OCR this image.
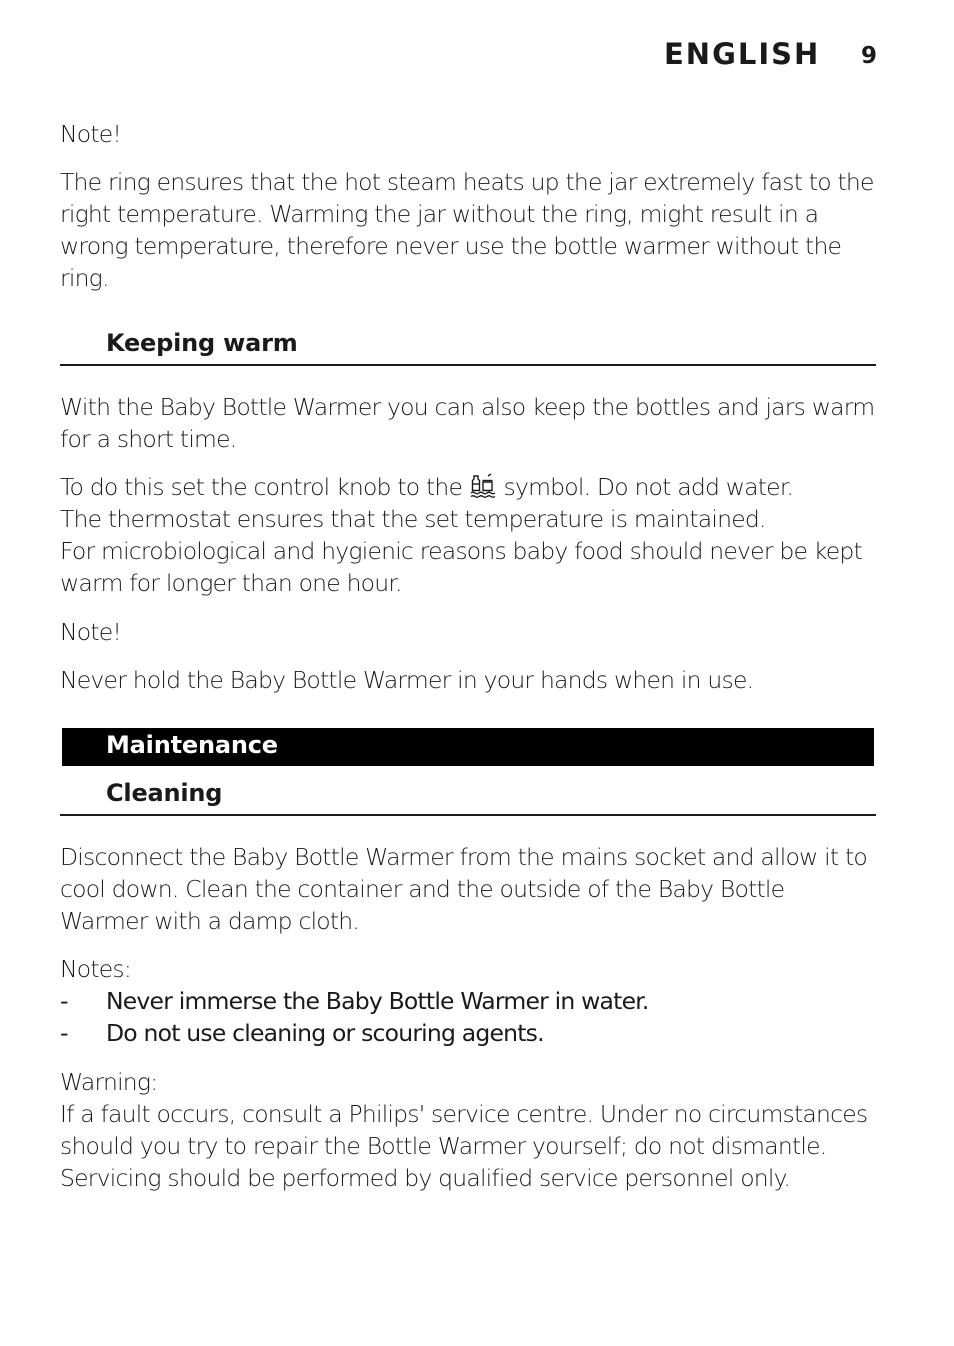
ENGLISH 9

Note!

The ring ensures that the hot steam heats up the jar extremely fast to the right temperature. Warming the jar without the ring, might result in a wrong temperature, therefore never use the bottle warmer without the ring.

Keeping warm

With the Baby Bottle Warmer you can also keep the bottles and jars warm for a short time.

To do this set the control knob to the symbol. Do not add water.
The thermostat ensures that the set temperature is maintained.
For microbiological and hygienic reasons baby food should never be kept warm for longer than one hour.

Note!

Never hold the Baby Bottle Warmer in your hands when in use.

Maintenance
Cleaning

Disconnect the Baby Bottle Warmer from the mains socket and allow it to cool down. Clean the container and the outside of the Baby Bottle Warmer with a damp cloth.

Notes:

- Never immerse the Baby Bottle Warmer in water.
- Do not use cleaning or scouring agents.

Warning:
If a fault occurs, consult a Philips' service centre. Under no circumstances should you try to repair the Bottle Warmer yourself; do not dismantle. Servicing should be performed by qualified service personnel only.
